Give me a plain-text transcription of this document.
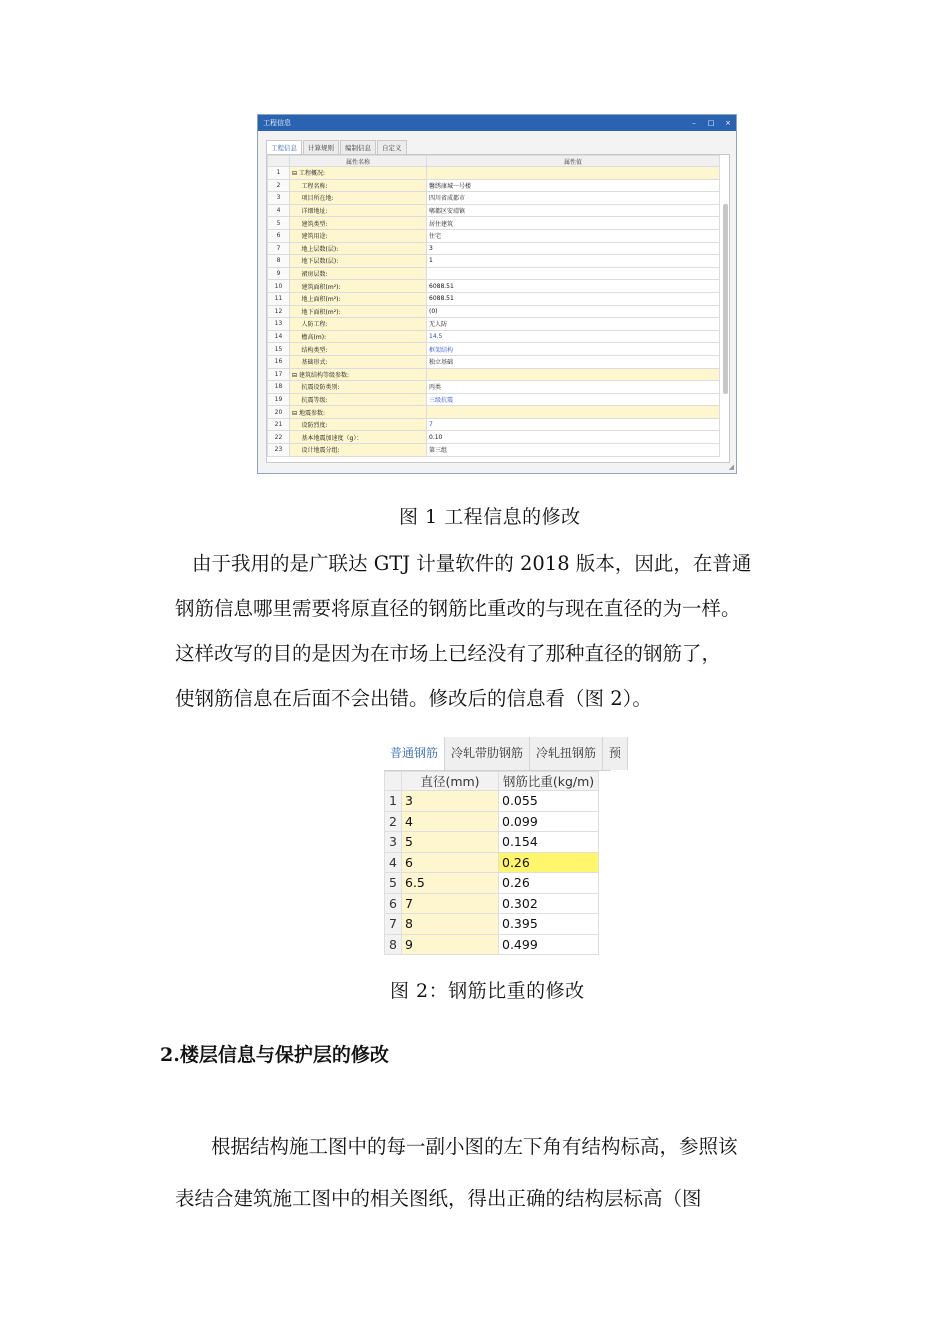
工程信息	–	□ ×
工程信息	计算规则	编制信息	自定义
	属性名称	属性值
1	⊟ 工程概况:	
2	工程名称:	馨绣康城一号楼
3	项目所在地:	四川省成都市
4	详细地址:	郫都区安靖镇
5	建筑类型:	居住建筑
6	建筑用途:	住宅
7	地上层数(层):	3
8	地下层数(层):	1
9	裙房层数:	
10	建筑面积(m²):	6088.51
11	地上面积(m²):	6088.51
12	地下面积(m²):	(0)
13	人防工程:	无人防
14	檐高(m):	14.5
15	结构类型:	框架结构
16	基础形式:	独立基础
17	⊟ 建筑结构等级参数:	
18	抗震设防类别:	丙类
19	抗震等级:	三级抗震
20	⊟ 地震参数:	
21	设防烈度:	7
22	基本地震加速度（g）：	0.10
23	设计地震分组:	第三组
◢
图 1 工程信息的修改

由于我用的是广联达 GTJ 计量软件的 2018 版本，因此，在普通

钢筋信息哪里需要将原直径的钢筋比重改的与现在直径的为一样。

这样改写的目的是因为在市场上已经没有了那种直径的钢筋了，

使钢筋信息在后面不会出错。修改后的信息看（图 2）。

普通钢筋	冷轧带肋钢筋	冷轧扭钢筋	预
	直径(mm)	钢筋比重(kg/m)
1	3	0.055
2	4	0.099
3	5	0.154
4	6	0.26
5	6.5	0.26
6	7	0.302
7	8	0.395
8	9	0.499
图 2：钢筋比重的修改
2.楼层信息与保护层的修改

根据结构施工图中的每一副小图的左下角有结构标高，参照该

表结合建筑施工图中的相关图纸，得出正确的结构层标高（图
